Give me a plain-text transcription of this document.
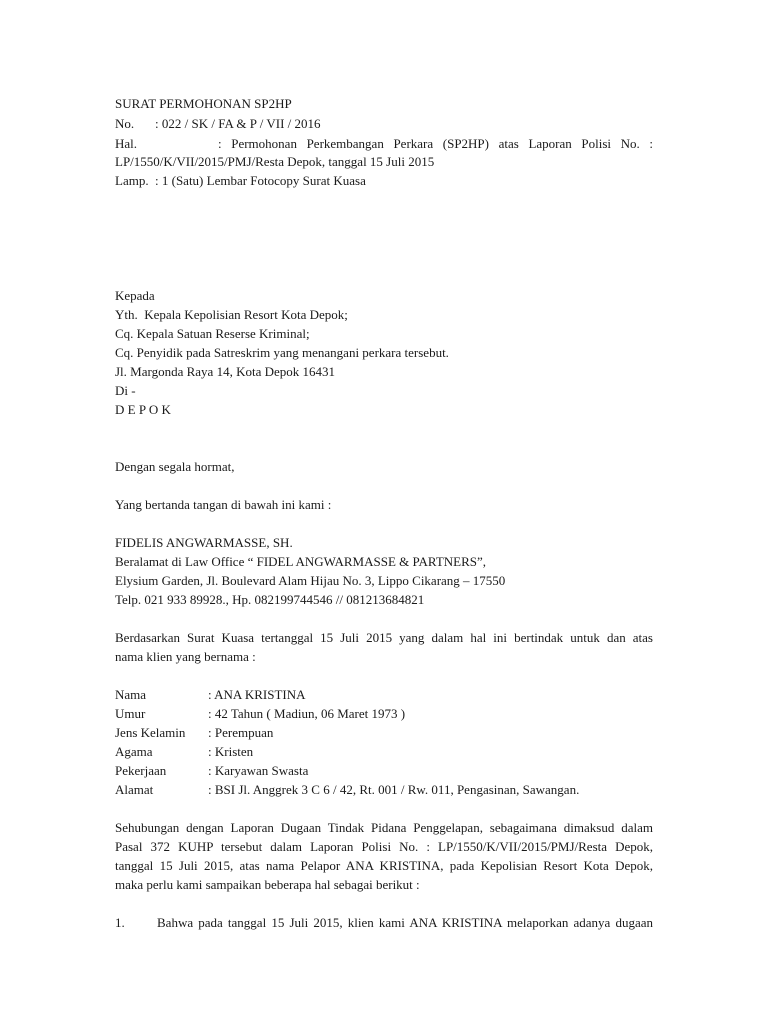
SURAT PERMOHONAN SP2HP
No. : 022 / SK / FA & P / VII / 2016
Hal.	: Permohonan Perkembangan Perkara (SP2HP) atas Laporan Polisi No. :
LP/1550/K/VII/2015/PMJ/Resta Depok, tanggal 15 Juli 2015
Lamp. : 1 (Satu) Lembar Fotocopy Surat Kuasa
Kepada
Yth.  Kepala Kepolisian Resort Kota Depok;
Cq. Kepala Satuan Reserse Kriminal;
Cq. Penyidik pada Satreskrim yang menangani perkara tersebut.
Jl. Margonda Raya 14, Kota Depok 16431
Di -
D E P O K
Dengan segala hormat,
Yang bertanda tangan di bawah ini kami :
FIDELIS ANGWARMASSE, SH.
Beralamat di Law Office “ FIDEL ANGWARMASSE & PARTNERS”,
Elysium Garden, Jl. Boulevard Alam Hijau No. 3, Lippo Cikarang – 17550
Telp. 021 933 89928., Hp. 082199744546 // 081213684821
Berdasarkan Surat Kuasa tertanggal 15 Juli 2015 yang dalam hal ini bertindak untuk dan atas
nama klien yang bernama :
Nama	: ANA KRISTINA
Umur	: 42 Tahun ( Madiun, 06 Maret 1973 )
Jens Kelamin : Perempuan
Agama	: Kristen
Pekerjaan	: Karyawan Swasta
Alamat	: BSI Jl. Anggrek 3 C 6 / 42, Rt. 001 / Rw. 011, Pengasinan, Sawangan.
Sehubungan dengan Laporan Dugaan Tindak Pidana Penggelapan, sebagaimana dimaksud dalam
Pasal 372 KUHP tersebut dalam Laporan Polisi No. : LP/1550/K/VII/2015/PMJ/Resta Depok,
tanggal 15 Juli 2015, atas nama Pelapor ANA KRISTINA, pada Kepolisian Resort Kota Depok,
maka perlu kami sampaikan beberapa hal sebagai berikut :
1. Bahwa pada tanggal 15 Juli 2015, klien kami ANA KRISTINA melaporkan adanya dugaan
